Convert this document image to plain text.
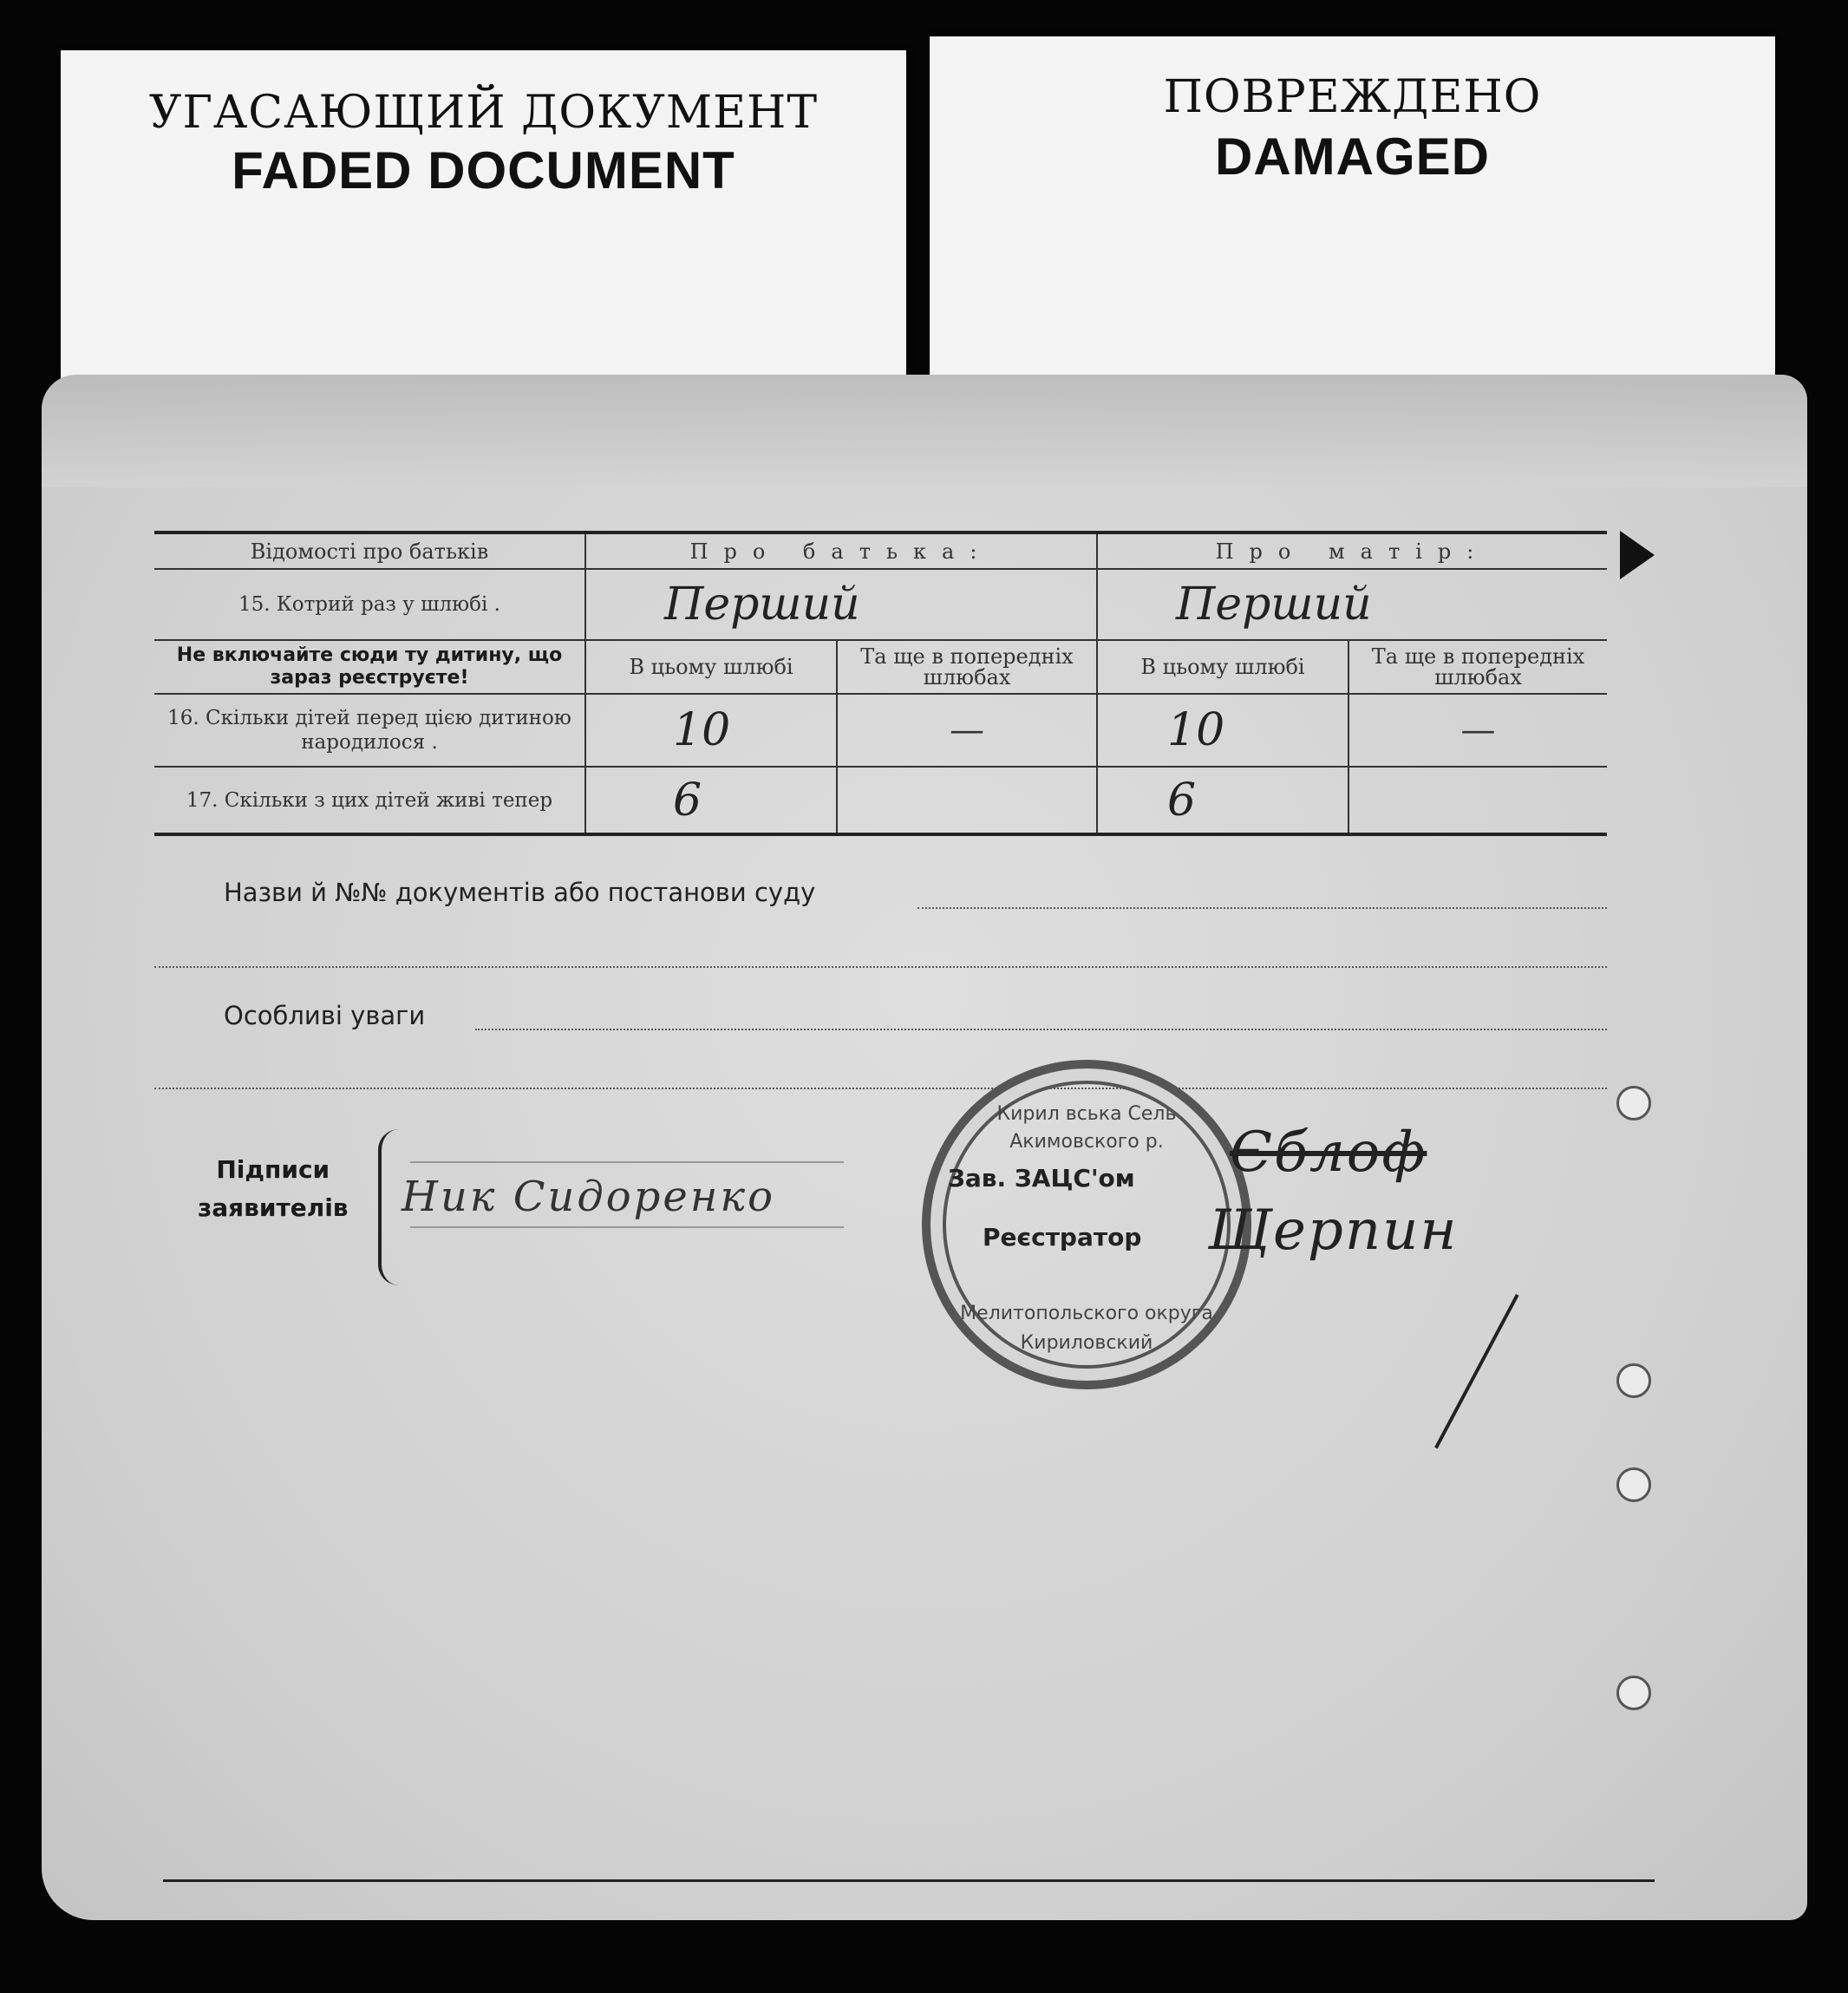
УГАСАЮЩИЙ ДОКУМЕНТ
FADED DOCUMENT
ПОВРЕЖДЕНО
DAMAGED
Відомості про батьків	Про батька:		Про матір:	
15. Котрий раз у шлюбі .	Перший		Перший	
Не включайте сюди ту дитину, що зараз реєструєте!	В цьому шлюбі	Та ще в попередніх шлюбах	В цьому шлюбі	Та ще в попередніх шлюбах
16. Скільки дітей перед цією дитиною народилося .	10	—	10	—
17. Скільки з цих дітей живі тепер	6		6	
Назви й №№ документів або постанови суду
Особливі уваги
Підписи
заявителів Ник Сидоренко
Кирил вська Сель
Акимовского р.
Мелитопольского округа
Кириловский
Зав. ЗАЦС'ом
Реєстратор
Єблоф
Щерпин
